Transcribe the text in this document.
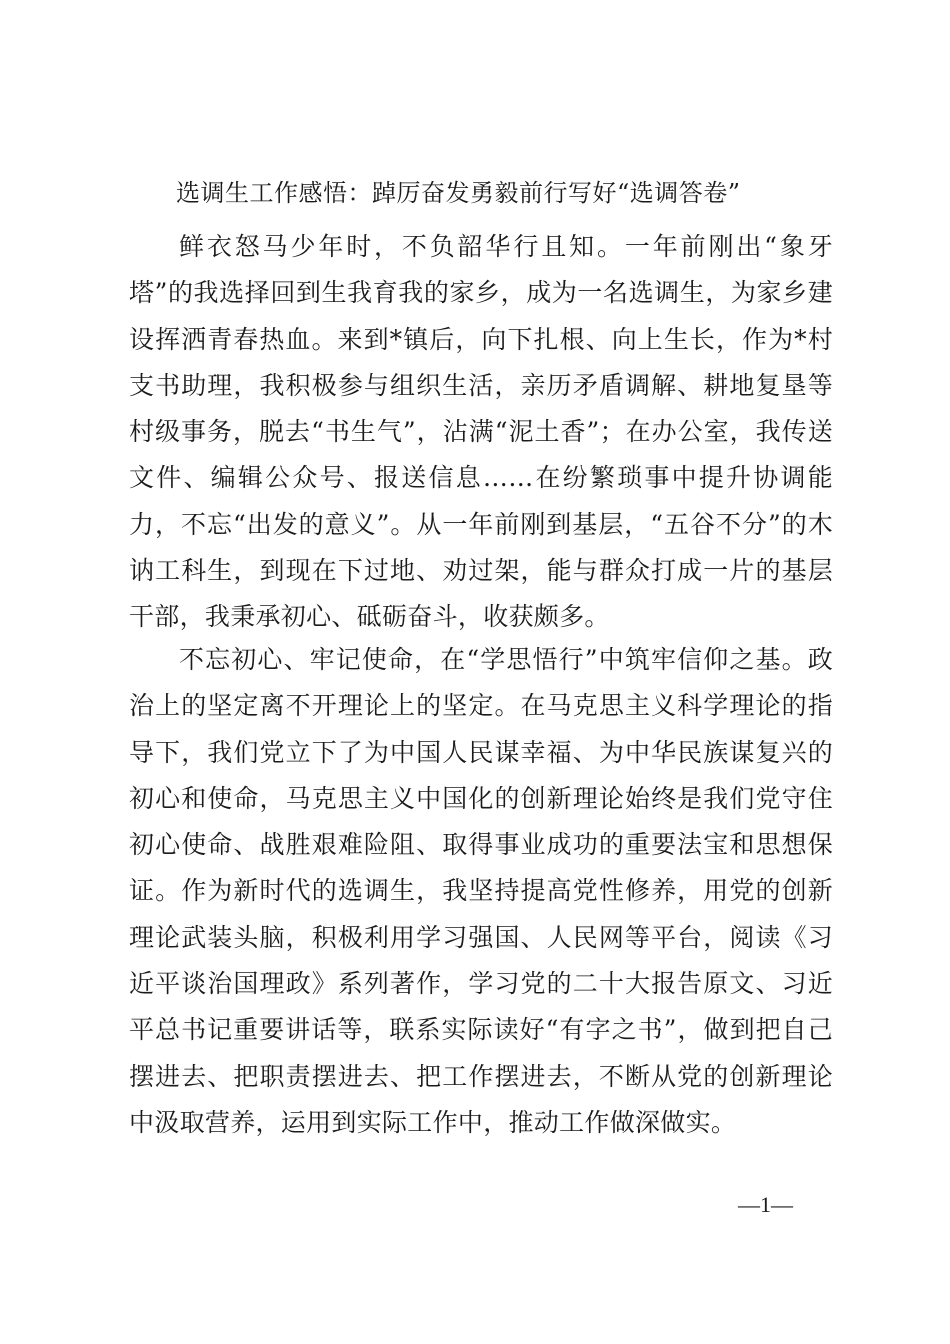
选调生工作感悟：踔厉奋发勇毅前行写好“选调答卷”

鲜衣怒马少年时，不负韶华行且知。一年前刚出“象牙塔”的我选择回到生我育我的家乡，成为一名选调生，为家乡建设挥洒青春热血。来到*镇后，向下扎根、向上生长，作为*村支书助理，我积极参与组织生活，亲历矛盾调解、耕地复垦等村级事务，脱去“书生气”，沾满“泥土香”；在办公室，我传送文件、编辑公众号、报送信息……在纷繁琐事中提升协调能力，不忘“出发的意义”。从一年前刚到基层，“五谷不分”的木讷工科生，到现在下过地、劝过架，能与群众打成一片的基层干部，我秉承初心、砥砺奋斗，收获颇多。

不忘初心、牢记使命，在“学思悟行”中筑牢信仰之基。政治上的坚定离不开理论上的坚定。在马克思主义科学理论的指导下，我们党立下了为中国人民谋幸福、为中华民族谋复兴的初心和使命，马克思主义中国化的创新理论始终是我们党守住初心使命、战胜艰难险阻、取得事业成功的重要法宝和思想保证。作为新时代的选调生，我坚持提高党性修养，用党的创新理论武装头脑，积极利用学习强国、人民网等平台，阅读《习近平谈治国理政》系列著作，学习党的二十大报告原文、习近平总书记重要讲话等，联系实际读好“有字之书”，做到把自己摆进去、把职责摆进去、把工作摆进去，不断从党的创新理论中汲取营养，运用到实际工作中，推动工作做深做实。

—1—
